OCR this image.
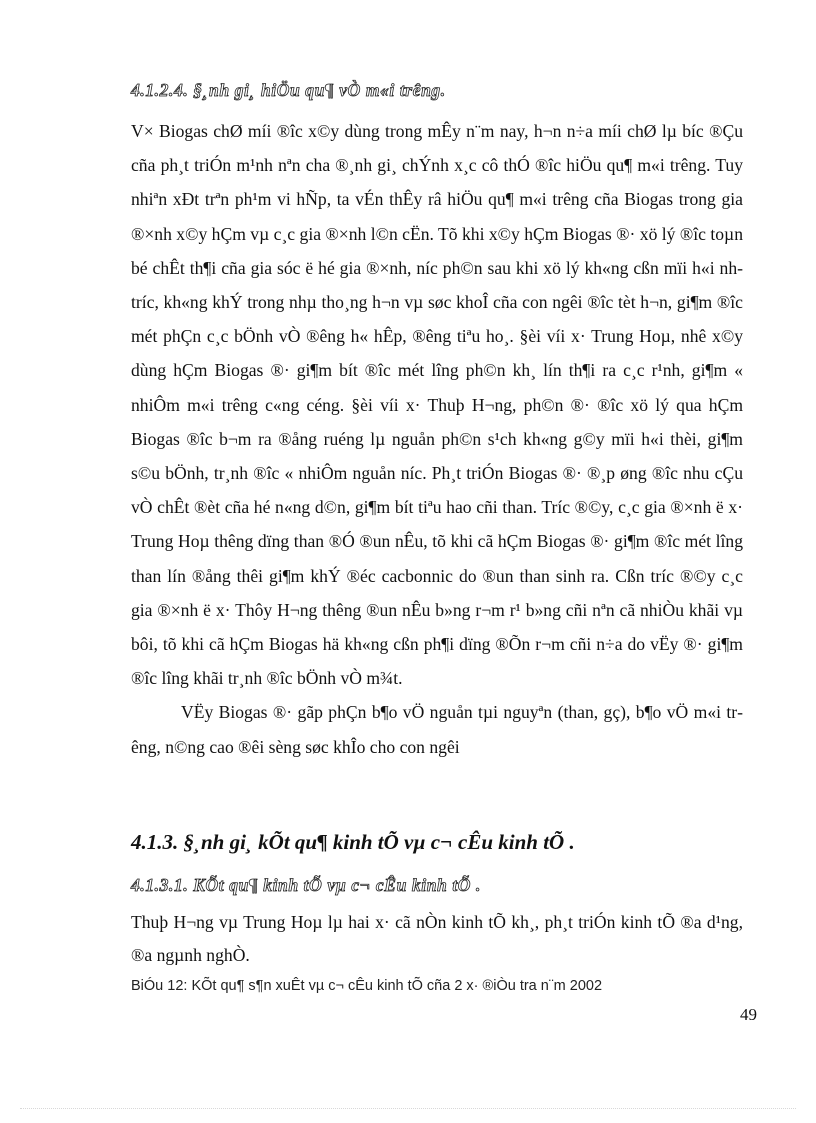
4.1.2.4. §¸nh gi¸ hiÖu qu¶ vÒ m«i trêng.

V× Biogas chØ míi ®îc x©y dùng trong mÊy n¨m nay, h¬n n÷a míi chØ lµ bíc ®Çu cña ph¸t triÓn m¹nh nªn cha ®¸nh gi¸ chÝnh x¸c cô thÓ ®îc hiÖu qu¶ m«i trêng. Tuy nhiªn xÐt trªn ph¹m vi hÑp, ta vÉn thÊy râ hiÖu qu¶ m«i trêng cña Biogas trong gia ®×nh x©y hÇm vµ c¸c gia ®×nh l©n cËn. Tõ khi x©y hÇm Biogas ®· xö lý ®îc toµn bé chÊt th¶i cña gia sóc ë hé gia ®×nh, níc ph©n sau khi xö lý kh«ng cßn mïi h«i nh tríc, kh«ng khÝ trong nhµ tho¸ng h¬n vµ søc khoÎ cña con ngêi ®îc tèt h¬n, gi¶m ®îc mét phÇn c¸c bÖnh vÒ ®êng h« hÊp, ®êng tiªu ho¸. §èi víi x· Trung Hoµ, nhê x©y dùng hÇm Biogas ®· gi¶m bít ®îc mét lîng ph©n kh¸ lín th¶i ra c¸c r¹nh, gi¶m « nhiÔm m«i trêng c«ng céng. §èi víi x· Thuþ H¬ng, ph©n ®· ®îc xö lý qua hÇm Biogas ®îc b¬m ra ®ång ruéng lµ nguån ph©n s¹ch kh«ng g©y mïi h«i thèi, gi¶m s©u bÖnh, tr¸nh ®îc « nhiÔm nguån níc. Ph¸t triÓn Biogas ®· ®¸p øng ®îc nhu cÇu vÒ chÊt ®èt cña hé n«ng d©n, gi¶m bít tiªu hao cñi than. Tríc ®©y, c¸c gia ®×nh ë x· Trung Hoµ thêng dïng than ®Ó ®un nÊu, tõ khi cã hÇm Biogas ®· gi¶m ®îc mét lîng than lín ®ång thêi gi¶m khÝ ®éc cacbonnic do ®un than sinh ra. Cßn tríc ®©y c¸c gia ®×nh ë x· Thôy H¬ng thêng ®un nÊu b»ng r¬m r¹ b»ng cñi nªn cã nhiÒu khãi vµ bôi, tõ khi cã hÇm Biogas hä kh«ng cßn ph¶i dïng ®Õn r¬m cñi n÷a do vËy ®· gi¶m ®îc lîng khãi tr¸nh ®îc bÖnh vÒ m¾t.

VËy Biogas ®· gãp phÇn b¶o vÖ nguån tµi nguyªn (than, gç), b¶o vÖ m«i trêng, n©ng cao ®êi sèng søc khÎo cho con ngêi

4.1.3. §¸nh gi¸ kÕt qu¶ kinh tÕ vµ c¬ cÊu kinh tÕ .
4.1.3.1. KÕt qu¶ kinh tÕ vµ c¬ cÊu kinh tÕ .

Thuþ H¬ng vµ Trung Hoµ lµ hai x· cã nÒn kinh tÕ kh¸, ph¸t triÓn kinh tÕ ®a d¹ng, ®a ngµnh nghÒ.

BiÓu 12: KÕt qu¶ s¶n xuÊt vµ c¬ cÊu kinh tÕ cña 2 x· ®iÒu tra n¨m 2002
49
